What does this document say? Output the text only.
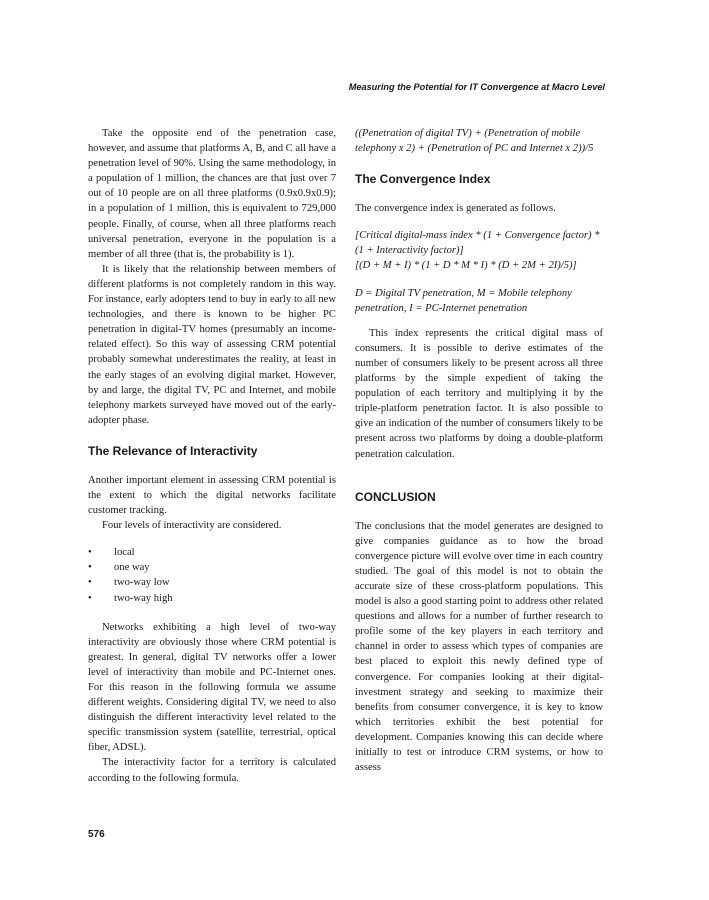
Measuring the Potential for IT Convergence at Macro Level

Take the opposite end of the penetration case, however, and assume that platforms A, B, and C all have a penetration level of 90%. Using the same methodology, in a population of 1 million, the chances are that just over 7 out of 10 people are on all three platforms (0.9x0.9x0.9); in a population of 1 million, this is equivalent to 729,000 people. Finally, of course, when all three platforms reach universal penetration, everyone in the population is a member of all three (that is, the probability is 1).

It is likely that the relationship between members of different platforms is not completely random in this way. For instance, early adopters tend to buy in early to all new technologies, and there is known to be higher PC penetration in digital-TV homes (presumably an income-related effect). So this way of assessing CRM potential probably somewhat underestimates the reality, at least in the early stages of an evolving digital market. However, by and large, the digital TV, PC and Internet, and mobile telephony markets surveyed have moved out of the early-adopter phase.

The Relevance of Interactivity

Another important element in assessing CRM potential is the extent to which the digital networks facilitate customer tracking.

Four levels of interactivity are considered.

• local
• one way
• two-way low
• two-way high

Networks exhibiting a high level of two-way interactivity are obviously those where CRM potential is greatest. In general, digital TV networks offer a lower level of interactivity than mobile and PC-Internet ones. For this reason in the following formula we assume different weights. Considering digital TV, we need to also distinguish the different interactivity level related to the specific transmission system (satellite, terrestrial, optical fiber, ADSL).

The interactivity factor for a territory is calculated according to the following formula.

((Penetration of digital TV) + (Penetration of mobile telephony x 2) + (Penetration of PC and Internet x 2))/5

The Convergence Index

The convergence index is generated as follows.

[Critical digital-mass index * (1 + Convergence factor) * (1 + Interactivity factor)]

[(D + M + I) * (1 + D * M * I) * (D + 2M + 2I)/5)]

D = Digital TV penetration, M = Mobile telephony penetration, I = PC-Internet penetration

This index represents the critical digital mass of consumers. It is possible to derive estimates of the number of consumers likely to be present across all three platforms by the simple expedient of taking the population of each territory and multiplying it by the triple-platform penetration factor. It is also possible to give an indication of the number of consumers likely to be present across two platforms by doing a double-platform penetration calculation.

CONCLUSION

The conclusions that the model generates are designed to give companies guidance as to how the broad convergence picture will evolve over time in each country studied. The goal of this model is not to obtain the accurate size of these cross-platform populations. This model is also a good starting point to address other related questions and allows for a number of further research to profile some of the key players in each territory and channel in order to assess which types of companies are best placed to exploit this newly defined type of convergence. For companies looking at their digital-investment strategy and seeking to maximize their benefits from consumer convergence, it is key to know which territories exhibit the best potential for development. Companies knowing this can decide where initially to test or introduce CRM systems, or how to assess

576
